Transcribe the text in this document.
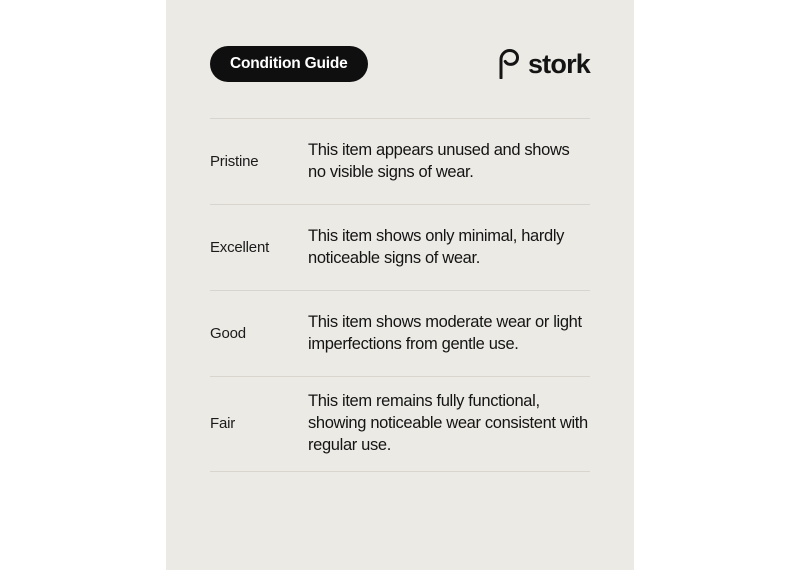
Condition Guide	stork
Pristine
This item appears unused and shows no visible signs of wear.
Excellent
This item shows only minimal, hardly noticeable signs of wear.
Good
This item shows moderate wear or light imperfections from gentle use.
Fair
This item remains fully functional, showing noticeable wear consistent with regular use.
